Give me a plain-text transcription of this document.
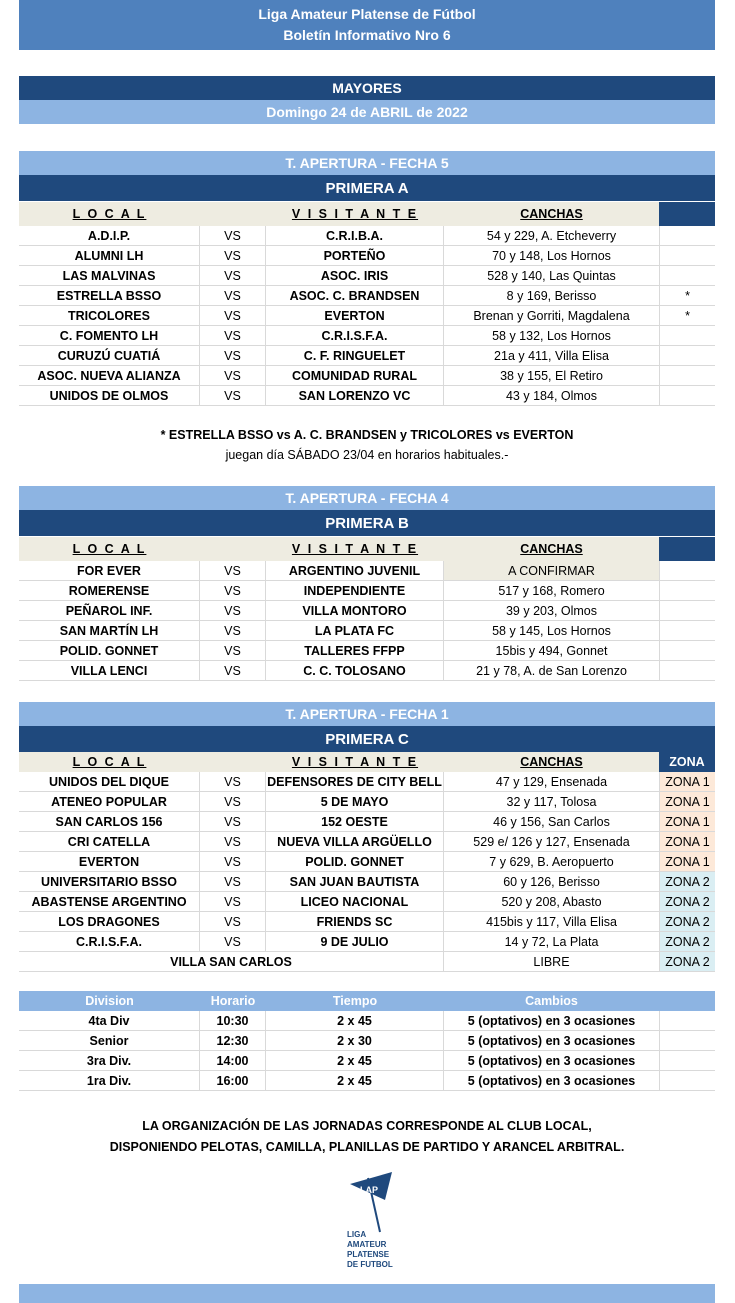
Liga Amateur Platense de Fútbol
Boletín Informativo Nro 6
MAYORES
Domingo 24 de ABRIL de 2022
T. APERTURA - FECHA 5
PRIMERA A
L O C A L	V I S I T A N T E	CANCHAS
A.D.I.P.	VS	C.R.I.B.A.	54 y 229, A. Etcheverry
ALUMNI LH	VS	PORTEÑO	70 y 148, Los Hornos
LAS MALVINAS	VS	ASOC. IRIS	528 y 140, Las Quintas
ESTRELLA BSSO	VS	ASOC. C. BRANDSEN	8 y 169, Berisso	*
TRICOLORES	VS	EVERTON	Brenan y Gorriti, Magdalena	*
C. FOMENTO LH	VS	C.R.I.S.F.A.	58 y 132, Los Hornos
CURUZÚ CUATIÁ	VS	C. F. RINGUELET	21a y 411, Villa Elisa
ASOC. NUEVA ALIANZA	VS	COMUNIDAD RURAL	38 y 155, El Retiro
UNIDOS DE OLMOS	VS	SAN LORENZO VC	43 y 184, Olmos
* ESTRELLA BSSO vs A. C. BRANDSEN y TRICOLORES vs EVERTON
juegan día SÁBADO 23/04 en horarios habituales.-
T. APERTURA - FECHA 4
PRIMERA B
L O C A L	V I S I T A N T E	CANCHAS
FOR EVER	VS	ARGENTINO JUVENIL	A CONFIRMAR
ROMERENSE	VS	INDEPENDIENTE	517 y 168, Romero
PEÑAROL INF.	VS	VILLA MONTORO	39 y 203, Olmos
SAN MARTÍN LH	VS	LA PLATA FC	58 y 145, Los Hornos
POLID. GONNET	VS	TALLERES FFPP	15bis y 494, Gonnet
VILLA LENCI	VS	C. C. TOLOSANO	21 y 78, A. de San Lorenzo
T. APERTURA - FECHA 1
PRIMERA C
L O C A L	V I S I T A N T E	CANCHAS	ZONA
UNIDOS DEL DIQUE	VS	DEFENSORES DE CITY BELL	47 y 129, Ensenada	ZONA 1
ATENEO POPULAR	VS	5 DE MAYO	32 y 117, Tolosa	ZONA 1
SAN CARLOS 156	VS	152 OESTE	46 y 156, San Carlos	ZONA 1
CRI CATELLA	VS	NUEVA VILLA ARGÜELLO	529 e/ 126 y 127, Ensenada	ZONA 1
EVERTON	VS	POLID. GONNET	7 y 629, B. Aeropuerto	ZONA 1
UNIVERSITARIO BSSO	VS	SAN JUAN BAUTISTA	60 y 126, Berisso	ZONA 2
ABASTENSE ARGENTINO	VS	LICEO NACIONAL	520 y 208, Abasto	ZONA 2
LOS DRAGONES	VS	FRIENDS SC	415bis y 117, Villa Elisa	ZONA 2
C.R.I.S.F.A.	VS	9 DE JULIO	14 y 72, La Plata	ZONA 2
VILLA SAN CARLOS	LIBRE	ZONA 2
Division	Horario	Tiempo	Cambios
4ta Div	10:30	2 x 45	5 (optativos) en 3 ocasiones
Senior	12:30	2 x 30	5 (optativos) en 3 ocasiones
3ra Div.	14:00	2 x 45	5 (optativos) en 3 ocasiones
1ra Div.	16:00	2 x 45	5 (optativos) en 3 ocasiones
LA ORGANIZACIÓN DE LAS JORNADAS CORRESPONDE AL CLUB LOCAL,
DISPONIENDO PELOTAS, CAMILLA, PLANILLAS DE PARTIDO Y ARANCEL ARBITRAL.
LAP
LIGA
AMATEUR
PLATENSE
DE FUTBOL
